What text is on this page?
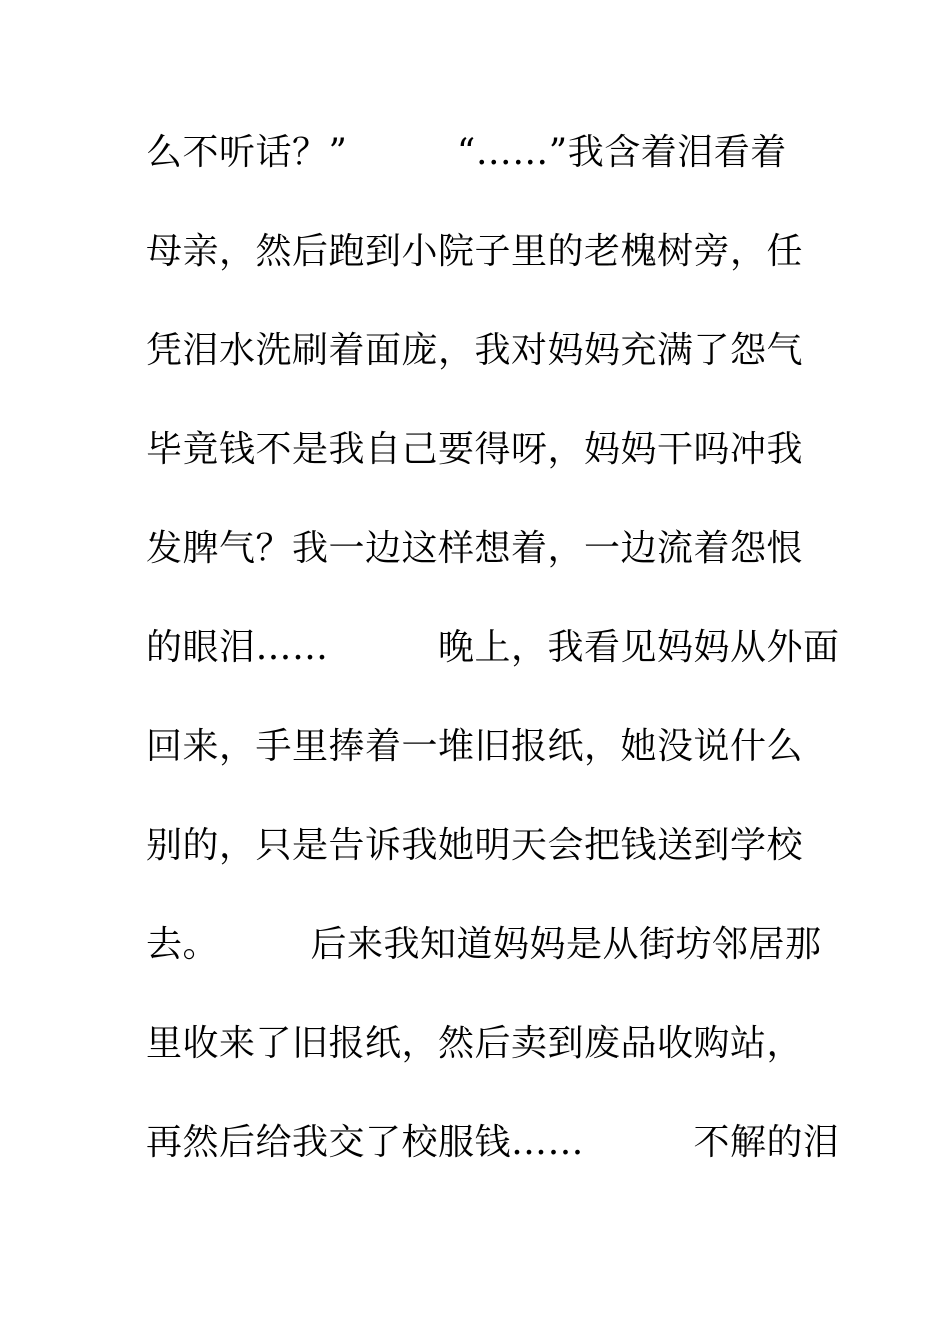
么不听话？”　　　“……”我含着泪看着
母亲，然后跑到小院子里的老槐树旁，任
凭泪水洗刷着面庞，我对妈妈充满了怨气
毕竟钱不是我自己要得呀，妈妈干吗冲我
发脾气？我一边这样想着，一边流着怨恨
的眼泪……　　　晚上，我看见妈妈从外面
回来，手里捧着一堆旧报纸，她没说什么
别的，只是告诉我她明天会把钱送到学校
去。　　　后来我知道妈妈是从街坊邻居那
里收来了旧报纸，然后卖到废品收购站，
再然后给我交了校服钱……　　　不解的泪
